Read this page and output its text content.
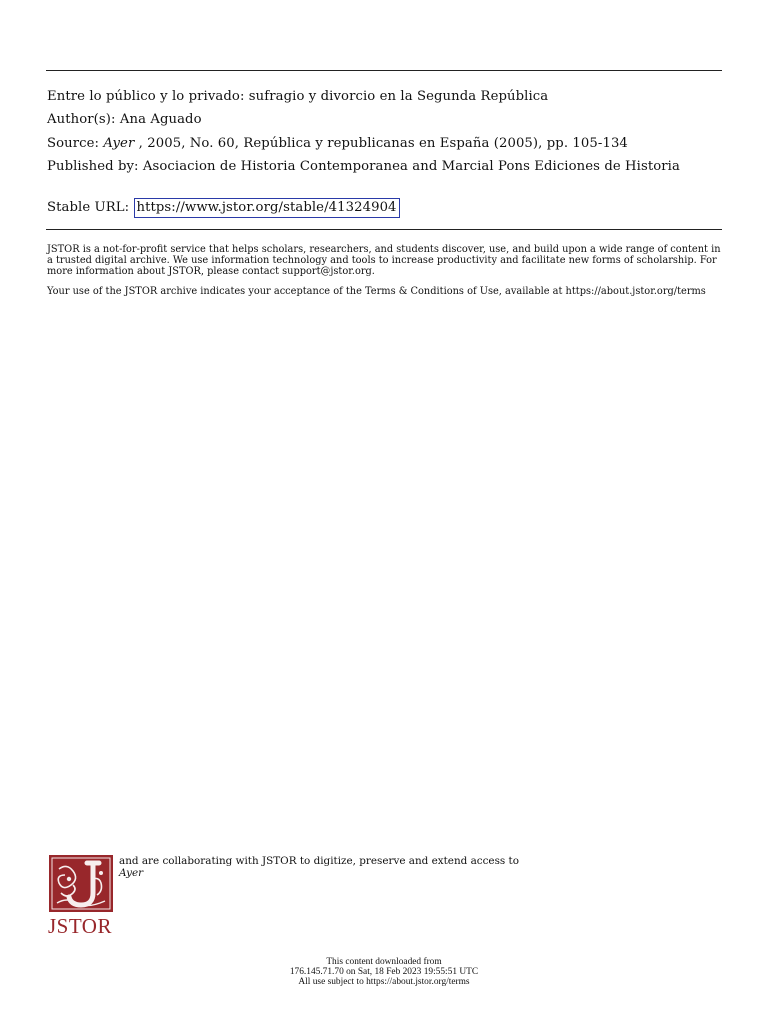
Entre lo público y lo privado: sufragio y divorcio en la Segunda República
Author(s): Ana Aguado
Source: Ayer , 2005, No. 60, República y republicanas en España (2005), pp. 105-134
Published by: Asociacion de Historia Contemporanea and Marcial Pons Ediciones de Historia
Stable URL: https://www.jstor.org/stable/41324904
JSTOR is a not-for-profit service that helps scholars, researchers, and students discover, use, and build upon a wide range of content in a trusted digital archive. We use information technology and tools to increase productivity and facilitate new forms of scholarship. For more information about JSTOR, please contact support@jstor.org.
Your use of the JSTOR archive indicates your acceptance of the Terms & Conditions of Use, available at https://about.jstor.org/terms
JSTOR
and are collaborating with JSTOR to digitize, preserve and extend access to
Ayer
This content downloaded from
176.145.71.70 on Sat, 18 Feb 2023 19:55:51 UTC
All use subject to https://about.jstor.org/terms
